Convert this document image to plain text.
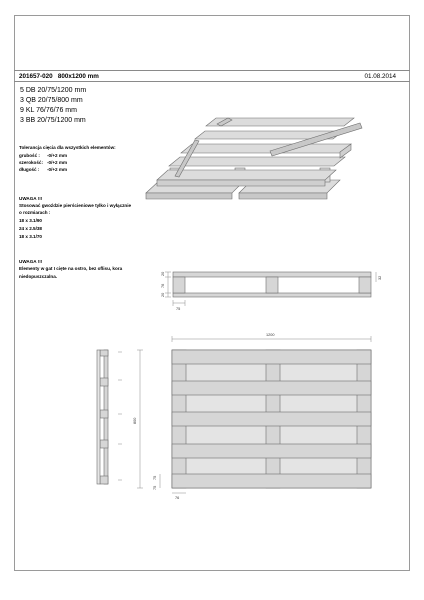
201657-020 800x1200 mm	01.08.2014
5 DB 20/75/1200 mm
3 QB 20/75/800 mm
9 KL 76/76/76 mm
3 BB 20/75/1200 mm
Tolerancja cięcia dla wszystkich elementów:
grubość : -0/+2 mm
szerokość: -0/+2 mm
długość : -0/+2 mm
UWAGA !!!
Stosować gwoździe pierścieniowe tylko i wyłącznie
o rozmiarach :
18 x 3.1/90
24 x 2.5/38
18 x 3.1/70
UWAGA !!!
Elementy w gat I cięte na ostro, bez oflisu, kora
niedopuszczalna.
20
76
20
32
75
1200
800
75
75
76
